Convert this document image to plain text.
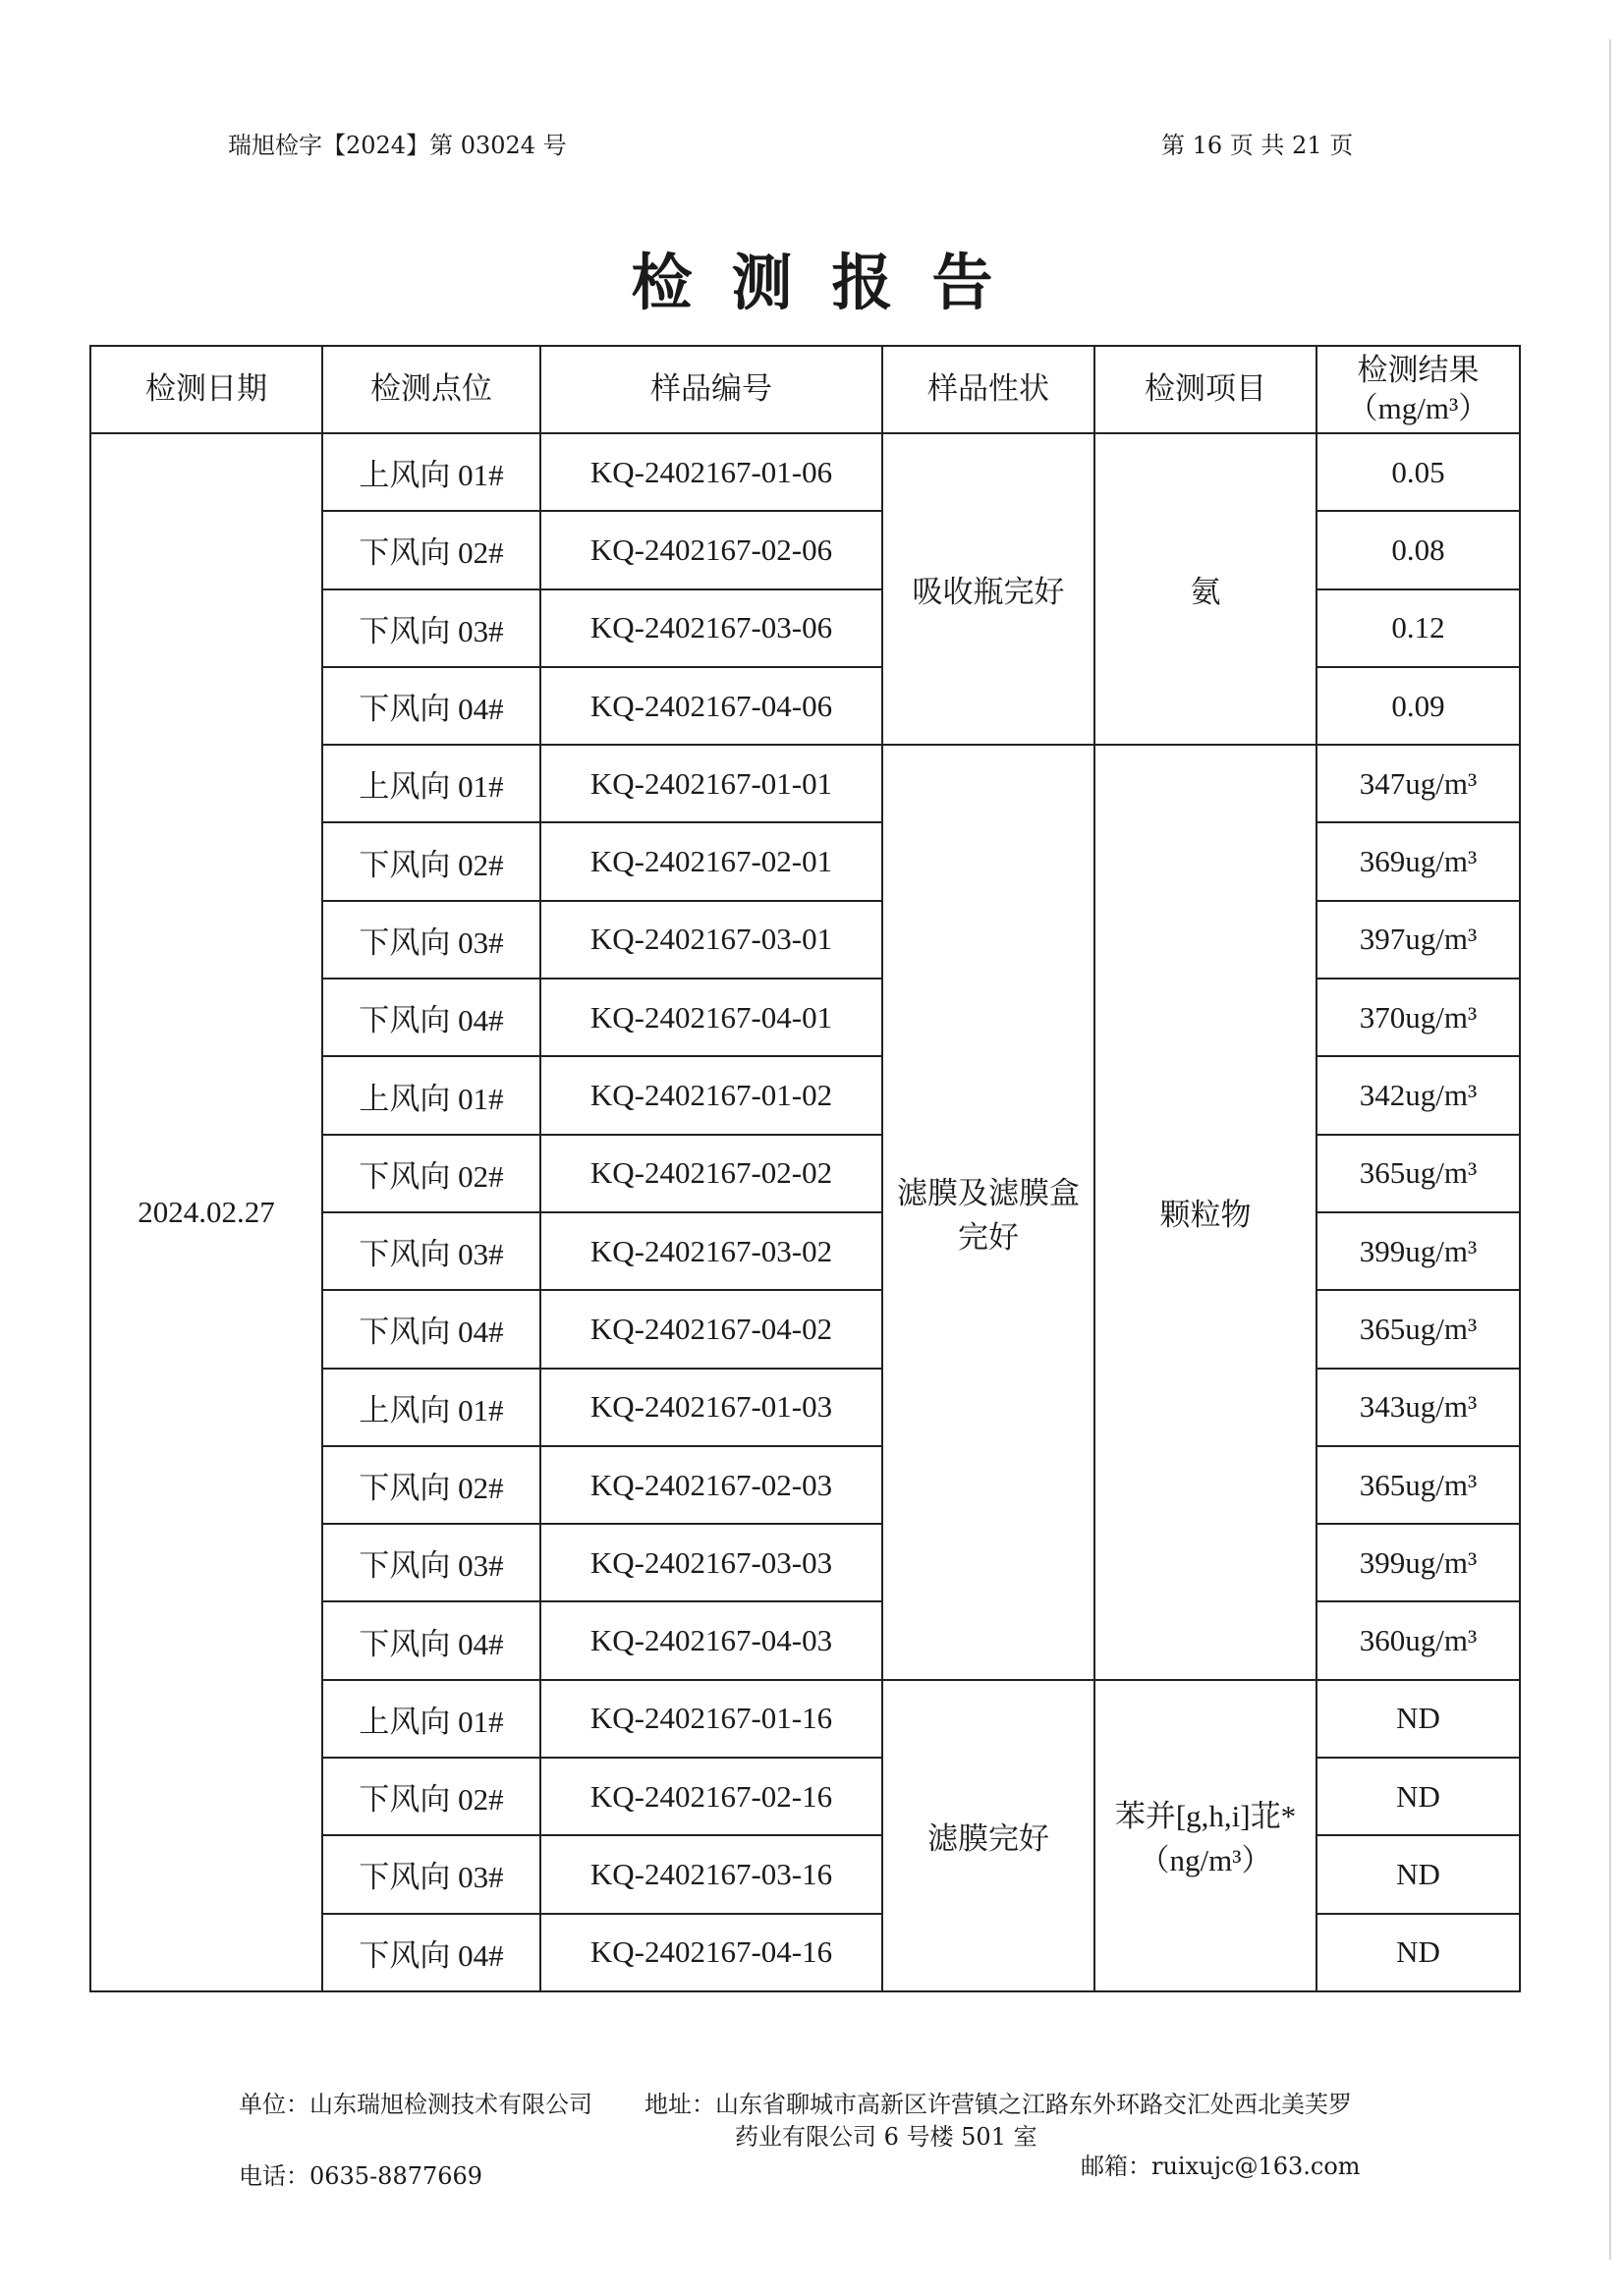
瑞旭检字【2024】第 03024 号	第 16 页 共 21 页
检测报告
检测日期	检测点位	样品编号	样品性状	检测项目	检测结果
（mg/m³）

2024.02.27	上风向 01#	KQ-2402167-01-06	吸收瓶完好	氨	0.05
	下风向 02#	KQ-2402167-02-06			0.08
	下风向 03#	KQ-2402167-03-06			0.12
	下风向 04#	KQ-2402167-04-06			0.09
	上风向 01#	KQ-2402167-01-01	滤膜及滤膜盒完好	颗粒物	347ug/m³
	下风向 02#	KQ-2402167-02-01			369ug/m³
	下风向 03#	KQ-2402167-03-01			397ug/m³
	下风向 04#	KQ-2402167-04-01			370ug/m³
	上风向 01#	KQ-2402167-01-02			342ug/m³
	下风向 02#	KQ-2402167-02-02			365ug/m³
	下风向 03#	KQ-2402167-03-02			399ug/m³
	下风向 04#	KQ-2402167-04-02			365ug/m³
	上风向 01#	KQ-2402167-01-03			343ug/m³
	下风向 02#	KQ-2402167-02-03			365ug/m³
	下风向 03#	KQ-2402167-03-03			399ug/m³
	下风向 04#	KQ-2402167-04-03			360ug/m³
	上风向 01#	KQ-2402167-01-16	滤膜完好	苯并[g,h,i]苝*（ng/m³）	ND
	下风向 02#	KQ-2402167-02-16			ND
	下风向 03#	KQ-2402167-03-16			ND
	下风向 04#	KQ-2402167-04-16			ND
单位：山东瑞旭检测技术有限公司 地址：山东省聊城市高新区许营镇之江路东外环路交汇处西北美芙罗
药业有限公司 6 号楼 501 室
电话：0635-8877669	邮箱：ruixujc@163.com
